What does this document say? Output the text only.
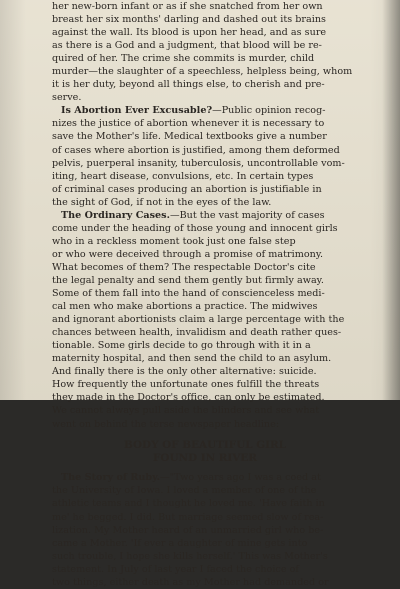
her new-born infant or as if she snatched from her own
breast her six months' darling and dashed out its brains
against the wall. Its blood is upon her head, and as sure
as there is a God and a judgment, that blood will be re-
quired of her. The crime she commits is murder, child
murder—the slaughter of a speechless, helpless being, whom
it is her duty, beyond all things else, to cherish and pre-
serve.

Is Abortion Ever Excusable?—Public opinion recog-
nizes the justice of abortion whenever it is necessary to
save the Mother's life. Medical textbooks give a number
of cases where abortion is justified, among them deformed
pelvis, puerperal insanity, tuberculosis, uncontrollable vom-
iting, heart disease, convulsions, etc. In certain types
of criminal cases producing an abortion is justifiable in
the sight of God, if not in the eyes of the law.

The Ordinary Cases.—But the vast majority of cases
come under the heading of those young and innocent girls
who in a reckless moment took just one false step
or who were deceived through a promise of matrimony.
What becomes of them? The respectable Doctor's cite
the legal penalty and send them gently but firmly away.
Some of them fall into the hand of conscienceless medi-
cal men who make abortions a practice. The midwives
and ignorant abortionists claim a large percentage with the
chances between health, invalidism and death rather ques-
tionable. Some girls decide to go through with it in a
maternity hospital, and then send the child to an asylum.
And finally there is the only other alternative: suicide.
How frequently the unfortunate ones fulfill the threats
they made in the Doctor's office, can only be estimated.
We cannot always pull aside the blinders and see what
went on behind the terse newspaper headline:

BODY OF BEAUTIFUL GIRL
FOUND IN RIVER

The Story of Ruby.—"Two years ago I was a coed at
the University of Iowa. I loved a member of one of the
athletic teams and I thought he loved me. 'Have faith in
me' he begged. I did. But marriage seemed slow of rea-
lization. My Mother heard of an unmarried girl who be-
came a Mother. 'If ever a daughter of mine gets into
such trouble, I hope she kills herself.' This was Mother's
statement. In July of last year I faced the choice of
two things, either death as my Mother had demanded or
